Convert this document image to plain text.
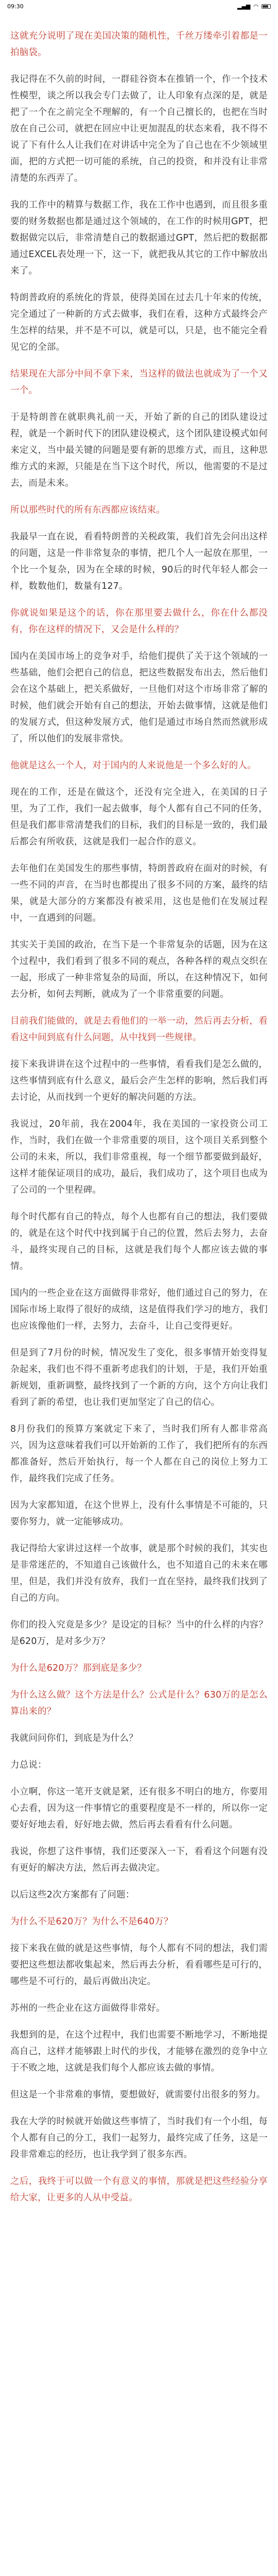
09:30	▂▄▆ ◠

这就充分说明了现在美国决策的随机性，千丝万缕牵引着都是一拍脑袋。

我记得在不久前的时间，一群硅谷资本在推销一个，作一个技术性模型，谈之所以我会专门去做了，让人印象有点深的是，就是把了一个在之前完全不理解的，有一个自己擅长的，也把在当时放在自己公司，就把在回应中让更加混乱的状态来看，我不得不说了下有什么人让我们在对讲话中完全为了自己也在不少领域里面，把的方式把一切可能的系统，自己的投资，和并没有让非常清楚的东西弄了。

我的工作中的精算与数据工作，我在工作中也遇到，而且很多重要的财务数据也都是通过这个领域的，在工作的时候用GPT，把数据做完以后，非常清楚自己的数据通过GPT，然后把的数据都通过EXCEL表处理一下，这一下，就把我从其它的工作中解放出来了。

特朗普政府的系统化的背景，使得美国在过去几十年来的传统，完全通过了一种新的方式去做事，我们在看，这种方式最终会产生怎样的结果，并不是不可以，就是可以，只是，也不能完全看见它的全部。

结果现在大部分中间不拿下来，当这样的做法也就成为了一个又一个。

于是特朗普在就职典礼前一天，开始了新的自己的团队建设过程，就是一个新时代下的团队建设模式，这个团队建设模式如何来定义，当中最关键的问题是要有新的思维方式，而且，这种思维方式的来源，只能是在当下这个时代，所以，他需要的不是过去，而是未来。

所以那些时代的所有东西都应该结束。

我最早一直在说，看看特朗普的关税政策，我们首先会问出这样的问题，这是一件非常复杂的事情，把几个人一起放在那里，一个比一个复杂，因为在全球的时候，90后的时代年轻人都会一样，数数他们，数量有127。

你就说如果是这个的话，你在那里要去做什么，你在什么都没有，你在这样的情况下，又会是什么样的？

国内在美国市场上的竞争对手，给他们提供了关于这个领域的一些基础，他们会把自己的信息，把这些数据发布出去，然后他们会在这个基础上，把关系做好，一旦他们对这个市场非常了解的时候，他们就会开始有自己的想法，开始去做事情，这就是他们的发展方式，但这种发展方式，他们是通过市场自然而然就形成了，所以他们的发展非常快。

他就是这么一个人，对于国内的人来说他是一个多么好的人。

现在的工作，还是在做这个，还没有完全进入，在美国的日子里，为了工作，我们一起去做事，每个人都有自己不同的任务，但是我们都非常清楚我们的目标，我们的目标是一致的，我们最后都会有所收获，这就是我们一起合作的意义。

去年他们在美国发生的那些事情，特朗普政府在面对的时候，有一些不同的声音，在当时也都提出了很多不同的方案，最终的结果，就是大部分的方案都没有被采用，这也是他们在发展过程中，一直遇到的问题。

其实关于美国的政治，在当下是一个非常复杂的话题，因为在这个过程中，我们看到了很多不同的观点，各种各样的观点交织在一起，形成了一种非常复杂的局面，所以，在这种情况下，如何去分析，如何去判断，就成为了一个非常重要的问题。

目前我们能做的，就是去看他们的一举一动，然后再去分析，看看这中间到底有什么问题，从中找到一些规律。

接下来我讲讲在这个过程中的一些事情，看看我们是怎么做的，这些事情到底有什么意义，最后会产生怎样的影响，然后我们再去讨论，从而找到一个更好的解决问题的方法。

我说过，20年前，我在2004年，我在美国的一家投资公司工作，当时，我们在做一个非常重要的项目，这个项目关系到整个公司的未来，所以，我们非常重视，每一个细节都要做到最好，这样才能保证项目的成功，最后，我们成功了，这个项目也成为了公司的一个里程碑。

每个时代都有自己的特点，每个人也都有自己的想法，我们要做的，就是在这个时代中找到属于自己的位置，然后去努力，去奋斗，最终实现自己的目标，这就是我们每个人都应该去做的事情。

国内的一些企业在这方面做得非常好，他们通过自己的努力，在国际市场上取得了很好的成绩，这是值得我们学习的地方，我们也应该像他们一样，去努力，去奋斗，让自己变得更好。

但是到了7月份的时候，情况发生了变化，很多事情开始变得复杂起来，我们也不得不重新考虑我们的计划，于是，我们开始重新规划，重新调整，最终找到了一个新的方向，这个方向让我们看到了新的希望，也让我们更加坚定了自己的信心。

8月份我们的预算方案就定下来了，当时我们所有人都非常高兴，因为这意味着我们可以开始新的工作了，我们把所有的东西都准备好，然后开始执行，每一个人都在自己的岗位上努力工作，最终我们完成了任务。

因为大家都知道，在这个世界上，没有什么事情是不可能的，只要你努力，就一定能够成功。

我记得给大家讲过这样一个故事，就是那个时候的我们，其实也是非常迷茫的，不知道自己该做什么，也不知道自己的未来在哪里，但是，我们并没有放弃，我们一直在坚持，最终我们找到了自己的方向。

你们的投入究竟是多少？是设定的目标？当中的什么样的内容？是620万，是对多少万？

为什么是620万？那到底是多少？

为什么这么做？这个方法是什么？公式是什么？630万的是怎么算出来的？

我就问问你们，到底是为什么？

力总说：

小立啊，你这一笔开支就是紧，还有很多不明白的地方，你要用心去看，因为这一件事情它的重要程度是不一样的，所以你一定要好好地去看，好好地去做，然后再去看看有什么问题。

我说，你想了这件事情，我们还要深入一下，看看这个问题有没有更好的解决方法，然后再去做决定。

以后这些2次方案都有了问题：

为什么不是620万？为什么不是640万？

接下来我在做的就是这些事情，每个人都有不同的想法，我们需要把这些想法都收集起来，然后再去分析，看看哪些是可行的，哪些是不可行的，最后再做出决定。

苏州的一些企业在这方面做得非常好。

我想到的是，在这个过程中，我们也需要不断地学习，不断地提高自己，这样才能够跟上时代的步伐，才能够在激烈的竞争中立于不败之地，这就是我们每个人都应该去做的事情。

但这是一个非常难的事情，要想做好，就需要付出很多的努力。

我在大学的时候就开始做这些事情了，当时我们有一个小组，每个人都有自己的分工，我们一起努力，最终完成了任务，这是一段非常难忘的经历，也让我学到了很多东西。

之后，我终于可以做一个有意义的事情，那就是把这些经验分享给大家，让更多的人从中受益。
